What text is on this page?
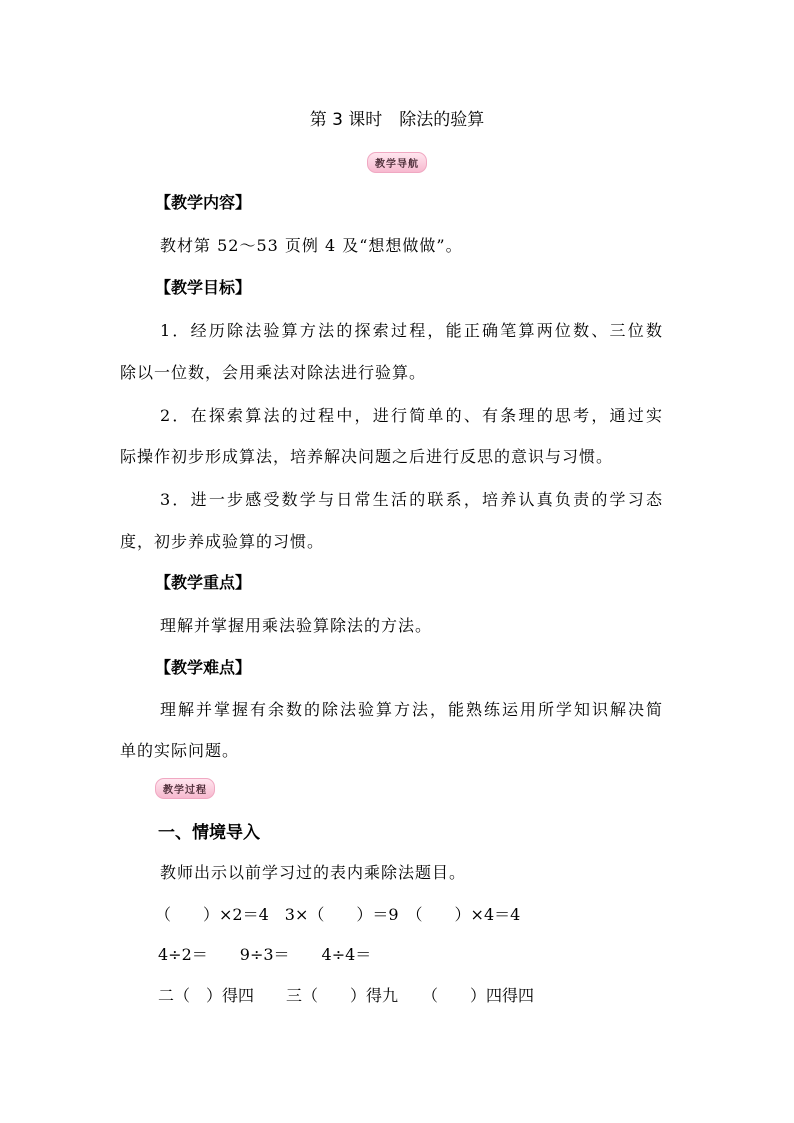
第 3 课时　除法的验算
教学导航
【教学内容】
教材第 52～53 页例 4 及“想想做做”。
【教学目标】
1．经历除法验算方法的探索过程，能正确笔算两位数、三位数
除以一位数，会用乘法对除法进行验算。
2．在探索算法的过程中，进行简单的、有条理的思考，通过实
际操作初步形成算法，培养解决问题之后进行反思的意识与习惯。
3．进一步感受数学与日常生活的联系，培养认真负责的学习态
度，初步养成验算的习惯。
【教学重点】
理解并掌握用乘法验算除法的方法。
【教学难点】
理解并掌握有余数的除法验算方法，能熟练运用所学知识解决简
单的实际问题。
教学过程
一、情境导入
教师出示以前学习过的表内乘除法题目。
（　　）×2＝4　3×（　　）＝9　（　　）×4＝4
4÷2＝　　9÷3＝　　4÷4＝
二（　）得四　　三（　　）得九　　（　　）四得四
